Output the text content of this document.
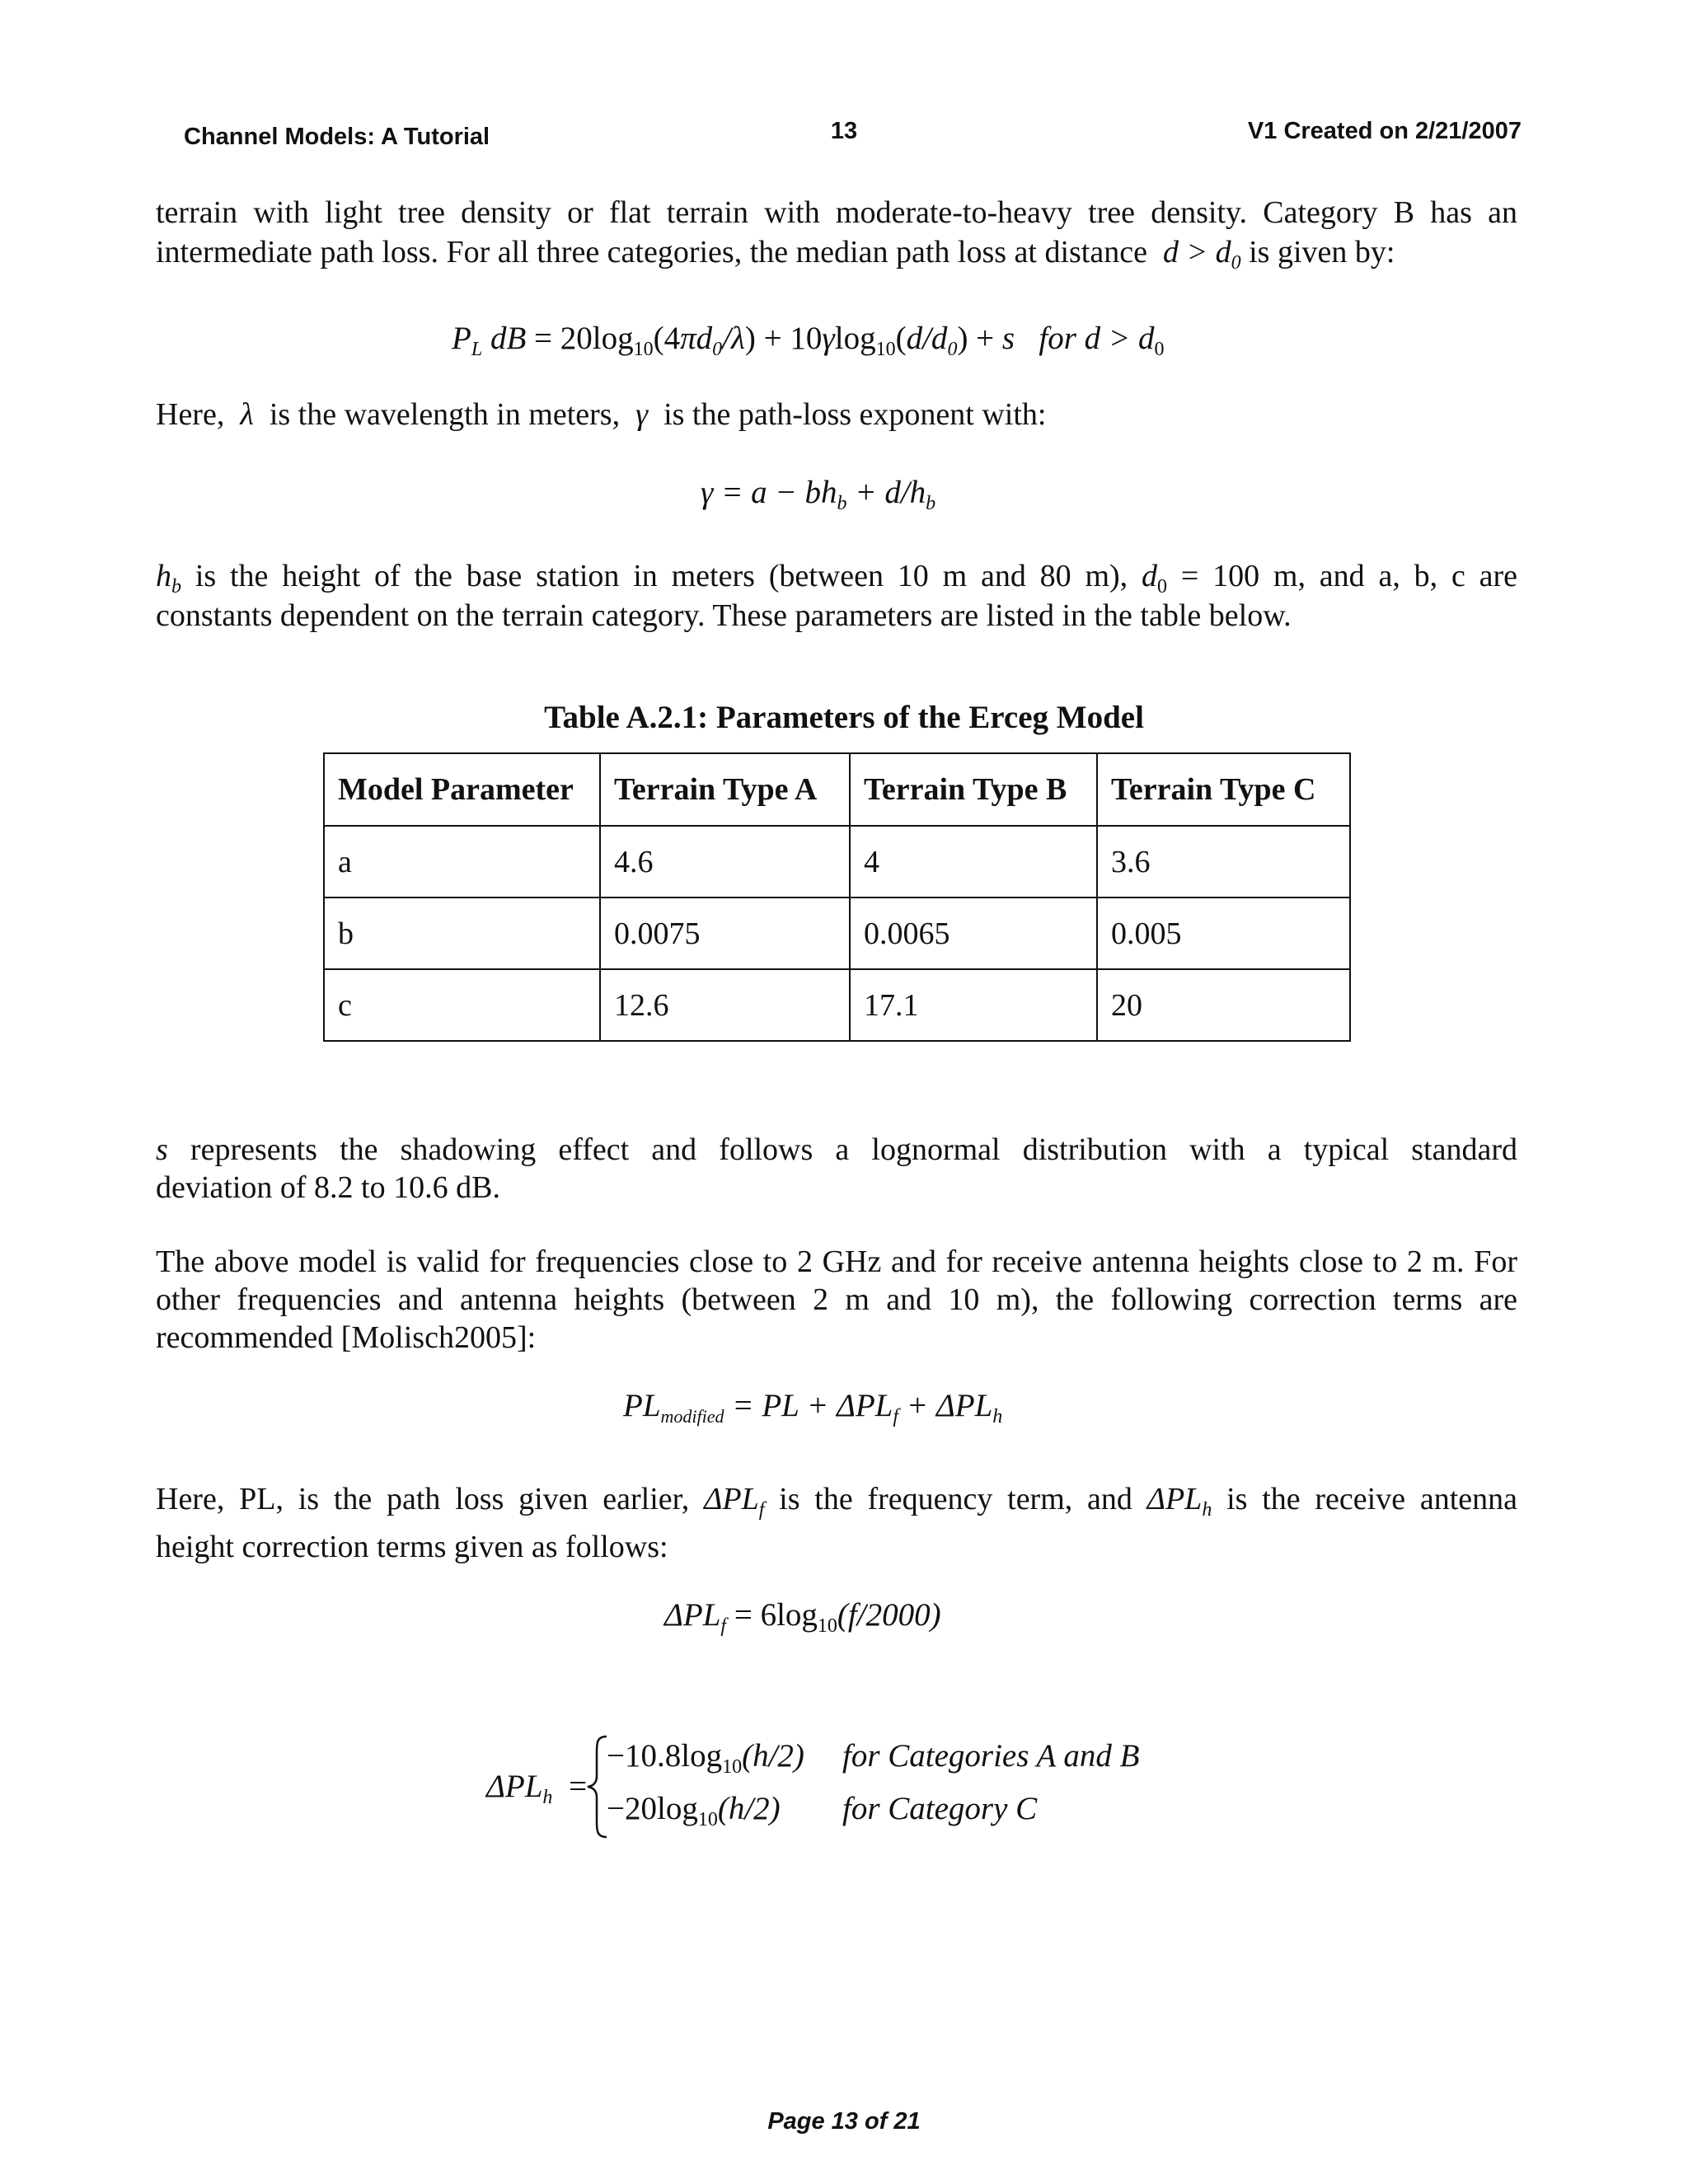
Channel Models: A Tutorial	13	V1 Created on 2/21/2007
terrain with light tree density or flat terrain with moderate-to-heavy tree density. Category B has an
intermediate path loss. For all three categories, the median path loss at distance  $d > d_0$ is given by:
$P_L$ dB = $20\log_{10}(4\pi d_0/\lambda) + 10\gamma\log_{10}(d/d_0) + s$   for $d > d_0$
Here,  λ  is the wavelength in meters,  γ  is the path-loss exponent with:
$\gamma = a - bh_b + d/h_b$
$h_b$ is the height of the base station in meters (between 10 m and 80 m), $d_0 = 100$ m, and a, b, c are
constants dependent on the terrain category. These parameters are listed in the table below.
Table A.2.1: Parameters of the Erceg Model
Model Parameter	Terrain Type A	Terrain Type B	Terrain Type C
a	4.6	4	3.6
b	0.0075	0.0065	0.005
c	12.6	17.1	20
s represents the shadowing effect and follows a lognormal distribution with a typical standard
deviation of 8.2 to 10.6 dB.
The above model is valid for frequencies close to 2 GHz and for receive antenna heights close to 2 m. For other frequencies and antenna heights (between 2 m and 10 m), the following correction terms are recommended [Molisch2005]:
$PL_{modified}$ = PL + $\Delta PL_f + \Delta PL_h$
Here, PL, is the path loss given earlier, $\Delta PL_f$ is the frequency term, and $\Delta PL_h$ is the receive antenna
height correction terms given as follows:
$\Delta PL_f = 6\log_{10}(f/2000)$
$\Delta PL_h$ =
$-10.8\log_{10}(h/2)$ for Categories A and B
$-20\log_{10}(h/2)$ for Category C
Page 13 of 21
